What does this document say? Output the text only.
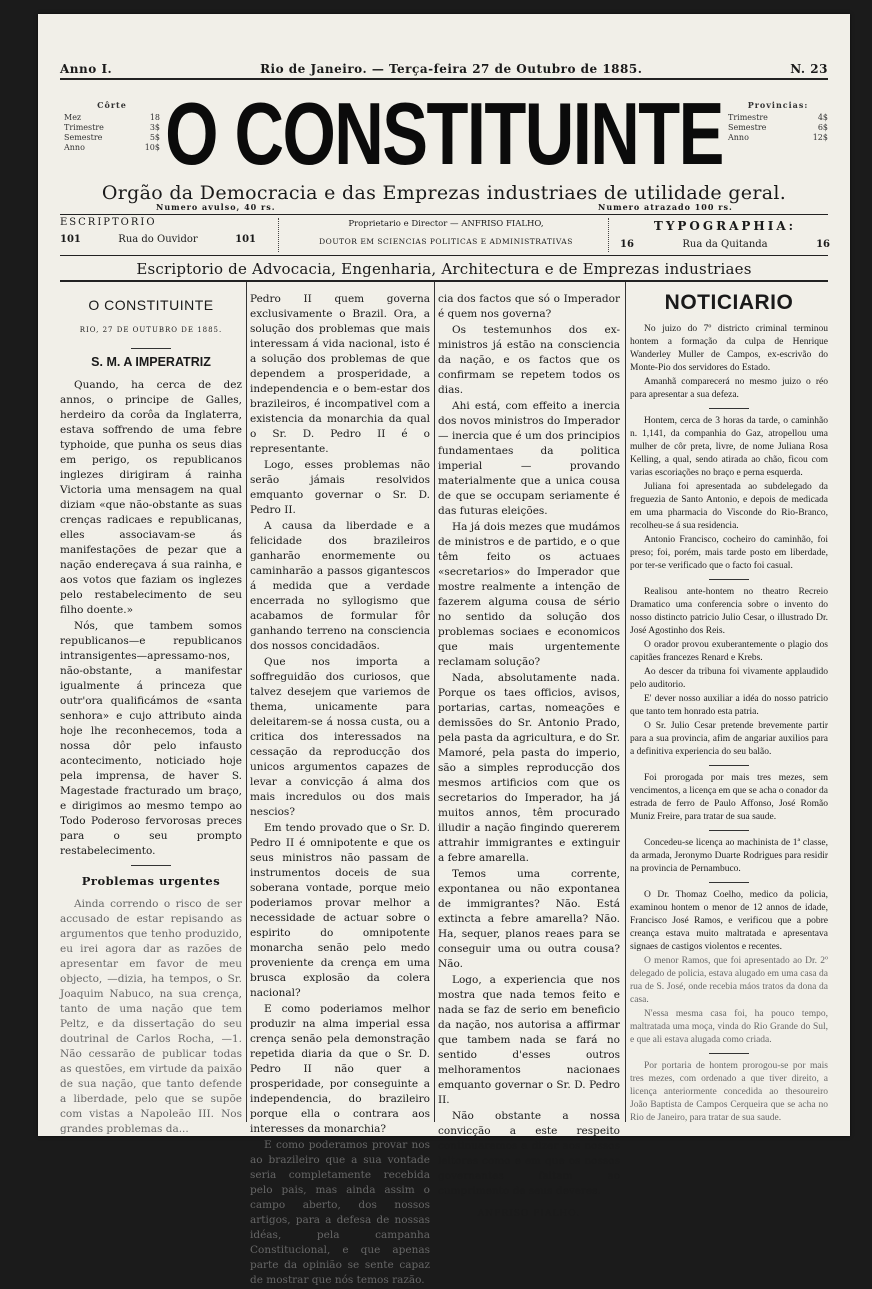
Anno I.	Rio de Janeiro. — Terça-feira 27 de Outubro de 1885.	N. 23
Côrte
Mez	18
Trimestre	3$
Semestre	5$
Anno	10$ O CONSTITUINTE	Provincias:
Trimestre	4$
Semestre	6$
Anno	12$
Orgão da Democracia e das Emprezas industriaes de utilidade geral.
Numero avulso, 40 rs.	Numero atrazado 100 rs.
ESCRIPTORIO
101	Rua do Ouvidor	101
Proprietario e Director — ANFRISO FIALHO,
DOUTOR EM SCIENCIAS POLITICAS E ADMINISTRATIVAS
TYPOGRAPHIA:
16	Rua da Quitanda	16
Escriptorio de Advocacia, Engenharia, Architectura e de Emprezas industriaes
O CONSTITUINTE
RIO, 27 DE OUTUBRO DE 1885.
S. M. A IMPERATRIZ

Quando, ha cerca de dez annos, o principe de Galles, herdeiro da corôa da Inglaterra, estava soffrendo de uma febre typhoide, que punha os seus dias em perigo, os republicanos inglezes dirigiram á rainha Victoria uma mensagem na qual diziam «que não-obstante as suas crenças radicaes e republicanas, elles associavam-se ás manifestações de pezar que a nação endereçava á sua rainha, e aos votos que faziam os inglezes pelo restabelecimento de seu filho doente.»

Nós, que tambem somos republicanos—e republicanos intransigentes—apressamo-nos, não-obstante, a manifestar igualmente á princeza que outr'ora qualificámos de «santa senhora» e cujo attributo ainda hoje lhe reconhecemos, toda a nossa dôr pelo infausto acontecimento, noticiado hoje pela imprensa, de haver S. Magestade fracturado um braço, e dirigimos ao mesmo tempo ao Todo Poderoso fervorosas preces para o seu prompto restabelecimento.

Problemas urgentes

Ainda correndo o risco de ser accusado de estar repisando as argumentos que tenho produzido, eu irei agora dar as razões de apresentar em favor de meu objecto, —dizia, ha tempos, o Sr. Joaquim Nabuco, na sua crença, tanto de uma nação que tem Peltz, e da dissertação do seu doutrinal de Carlos Rocha, —1. Não cessarão de publicar todas as questões, em virtude da paixão de sua nação, que tanto defende a liberdade, pelo que se supõe com vistas a Napoleão III. Nos grandes problemas da...

Pedro II quem governa exclusivamente o Brazil. Ora, a solução dos problemas que mais interessam á vida nacional, isto é a solução dos problemas de que dependem a prosperidade, a independencia e o bem-estar dos brazileiros, é incompativel com a existencia da monarchia da qual o Sr. D. Pedro II é o representante.

Logo, esses problemas não serão jámais resolvidos emquanto governar o Sr. D. Pedro II.

A causa da liberdade e a felicidade dos brazileiros ganharão enormemente ou caminharão a passos gigantescos á medida que a verdade encerrada no syllogismo que acabamos de formular fôr ganhando terreno na consciencia dos nossos concidadãos.

Que nos importa a soffreguidão dos curiosos, que talvez desejem que variemos de thema, unicamente para deleitarem-se á nossa custa, ou a critica dos interessados na cessação da reproducção dos unicos argumentos capazes de levar a convicção á alma dos mais incredulos ou dos mais nescios?

Em tendo provado que o Sr. D. Pedro II é omnipotente e que os seus ministros não passam de instrumentos doceis de sua soberana vontade, porque meio poderiamos provar melhor a necessidade de actuar sobre o espirito do omnipotente monarcha senão pelo medo proveniente da crença em uma brusca explosão da colera nacional?

E como poderiamos melhor produzir na alma imperial essa crença senão pela demonstração repetida diaria da que o Sr. D. Pedro II não quer a prosperidade, por conseguinte a independencia, do brazileiro porque ella o contrara aos interesses da monarchia?

E como poderamos provar nos ao brazileiro que a sua vontade seria completamente recebida pelo pais, mas ainda assim o campo aberto, dos nossos artigos, para a defesa de nossas idéas, pela campanha Constitucional, e que apenas parte da opinião se sente capaz de mostrar que nós temos razão.

cia dos factos que só o Imperador é quem nos governa?

Os testemunhos dos ex-ministros já estão na consciencia da nação, e os factos que os confirmam se repetem todos os dias.

Ahi está, com effeito a inercia dos novos ministros do Imperador — inercia que é um dos principios fundamentaes da politica imperial — provando materialmente que a unica cousa de que se occupam seriamente é das futuras eleições.

Ha já dois mezes que mudámos de ministros e de partido, e o que têm feito os actuaes «secretarios» do Imperador que mostre realmente a intenção de fazerem alguma cousa de sério no sentido da solução dos problemas sociaes e economicos que mais urgentemente reclamam solução?

Nada, absolutamente nada. Porque os taes officios, avisos, portarias, cartas, nomeações e demissões do Sr. Antonio Prado, pela pasta da agricultura, e do Sr. Mamoré, pela pasta do imperio, são a simples reproducção dos mesmos artificios com que os secretarios do Imperador, ha já muitos annos, têm procurado illudir a nação fingindo quererem attrahir immigrantes e extinguir a febre amarella.

Temos uma corrente, expontanea ou não expontanea de immigrantes? Não. Está extincta a febre amarella? Não. Ha, sequer, planos reaes para se conseguir uma ou outra cousa? Não.

Logo, a experiencia que nos mostra que nada temos feito e nada se faz de serio em beneficio da nação, nos autorisa a affirmar que tambem nada se fará no sentido d'esses outros melhoramentos nacionaes emquanto governar o Sr. D. Pedro II.

Não obstante a nossa convicção a este respeito continuaremos a dizer aos nossos leitores como e em que os nossos governantes faltam ao cumprimento de seus deveres.

ANFRISO FIALHO.
NOTICIARIO

No juizo do 7º districto criminal terminou hontem a formação da culpa de Henrique Wanderley Muller de Campos, ex-escrivão do Monte-Pio dos servidores do Estado.

Amanhã comparecerá no mesmo juizo o réo para apresentar a sua defeza.

Hontem, cerca de 3 horas da tarde, o caminhão n. 1,141, da companhia do Gaz, atropellou uma mulher de côr preta, livre, de nome Juliana Rosa Kelling, a qual, sendo atirada ao chão, ficou com varias escoriações no braço e perna esquerda.

Juliana foi apresentada ao subdelegado da freguezia de Santo Antonio, e depois de medicada em uma pharmacia do Visconde do Rio-Branco, recolheu-se á sua residencia.

Antonio Francisco, cocheiro do caminhão, foi preso; foi, porém, mais tarde posto em liberdade, por ter-se verificado que o facto foi casual.

Realisou ante-hontem no theatro Recreio Dramatico uma conferencia sobre o invento do nosso distincto patricio Julio Cesar, o illustrado Dr. José Agostinho dos Reis.

O orador provou exuberantemente o plagio dos capitães francezes Renard e Krebs.

Ao descer da tribuna foi vivamente applaudido pelo auditorio.

E' dever nosso auxiliar a idéa do nosso patricio que tanto tem honrado esta patria.

O Sr. Julio Cesar pretende brevemente partir para a sua provincia, afim de angariar auxilios para a definitiva experiencia do seu balão.

Foi prorogada por mais tres mezes, sem vencimentos, a licença em que se acha o conador da estrada de ferro de Paulo Affonso, José Romão Muniz Freire, para tratar de sua saude.

Concedeu-se licença ao machinista de 1ª classe, da armada, Jeronymo Duarte Rodrigues para residir na provincia de Pernambuco.

O Dr. Thomaz Coelho, medico da policia, examinou hontem o menor de 12 annos de idade, Francisco José Ramos, e verificou que a pobre creança estava muito maltratada e apresentava signaes de castigos violentos e recentes.

O menor Ramos, que foi apresentado ao Dr. 2º delegado de policia, estava alugado em uma casa da rua de S. José, onde recebia máos tratos da dona da casa.

N'essa mesma casa foi, ha pouco tempo, maltratada uma moça, vinda do Rio Grande do Sul, e que ali estava alugada como criada.

Por portaria de hontem prorogou-se por mais tres mezes, com ordenado a que tiver direito, a licença anteriormente concedida ao thesoureiro João Baptista de Campos Cerqueira que se acha no Rio de Janeiro, para tratar de sua saude.
